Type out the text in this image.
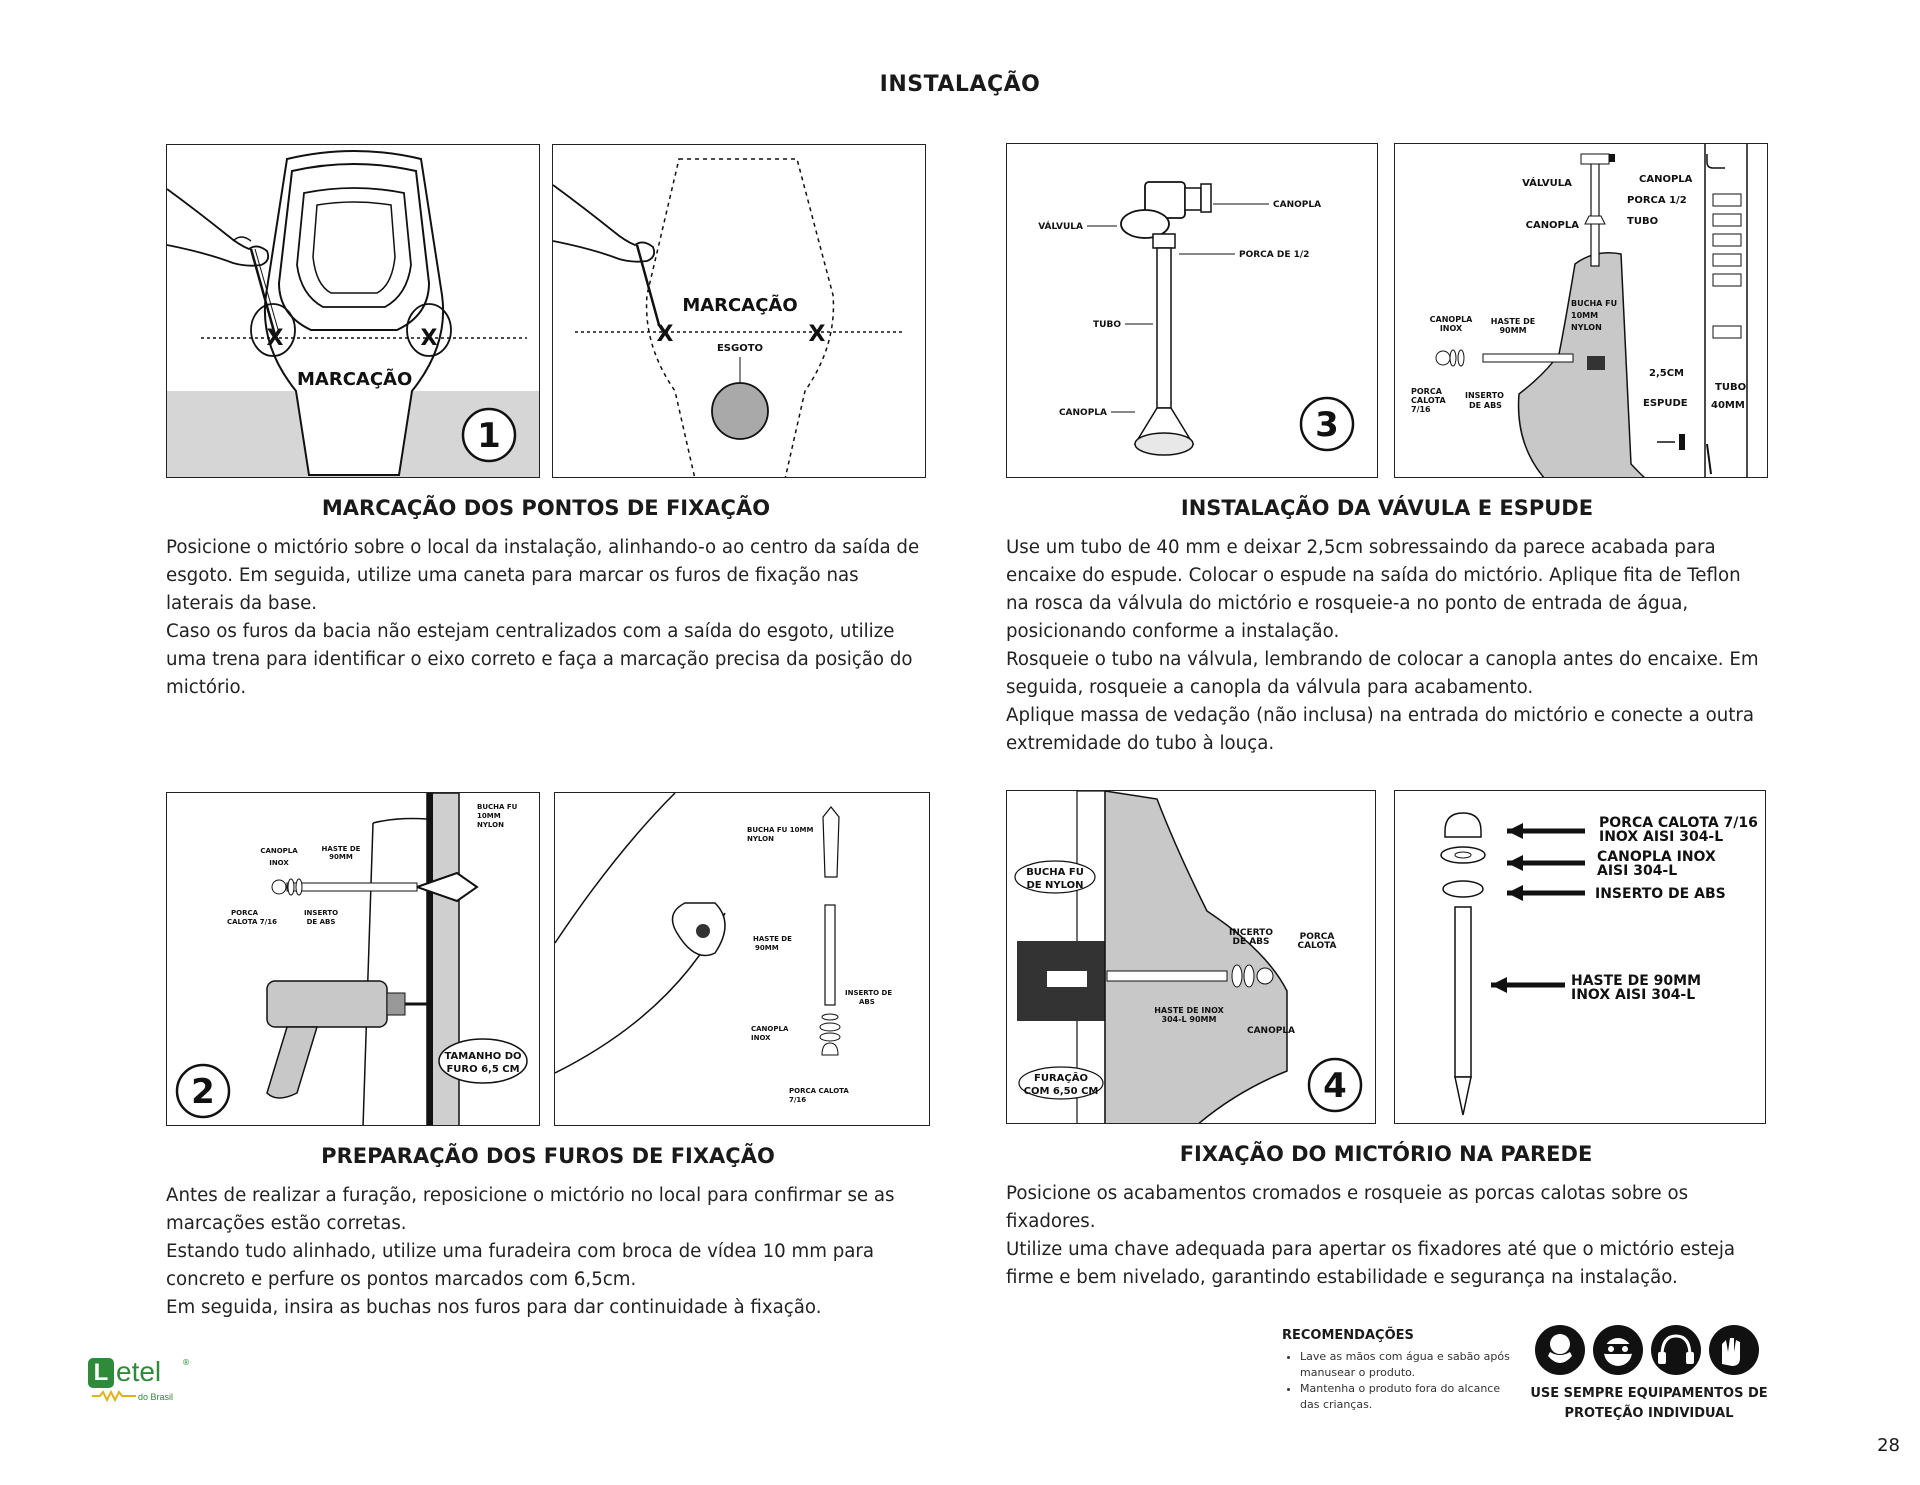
INSTALAÇÃO
X	X
MARCAÇÃO
1
X	X
MARCAÇÃO
ESGOTO
CANOPLA
VÁLVULA
PORCA DE 1/2
TUBO
CANOPLA	3
VÁLVULA	CANOPLA
PORCA 1/2
TUBO
CANOPLA
CANOPLA
INOX
HASTE DE
90MM
BUCHA FU
10MM
NYLON
PORCA
CALOTA
7/16
INSERTO
DE ABS
2,5CM
ESPUDE
TUBO
40MM
MARCAÇÃO DOS PONTOS DE FIXAÇÃO

Posicione o mictório sobre o local da instalação, alinhando-o ao centro da saída de esgoto. Em seguida, utilize uma caneta para marcar os furos de fixação nas laterais da base.

Caso os furos da bacia não estejam centralizados com a saída do esgoto, utilize uma trena para identificar o eixo correto e faça a marcação precisa da posição do mictório.

INSTALAÇÃO DA VÁVULA E ESPUDE

Use um tubo de 40 mm e deixar 2,5cm sobressaindo da parece acabada para encaixe do espude. Colocar o espude na saída do mictório. Aplique fita de Teflon na rosca da válvula do mictório e rosqueie-a no ponto de entrada de água, posicionando conforme a instalação.

Rosqueie o tubo na válvula, lembrando de colocar a canopla antes do encaixe. Em seguida, rosqueie a canopla da válvula para acabamento.

Aplique massa de vedação (não inclusa) na entrada do mictório e conecte a outra extremidade do tubo à louça.

BUCHA FU
10MM
NYLON
CANOPLA
INOX
HASTE DE
90MM
PORCA
CALOTA 7/16
INSERTO
DE ABS
TAMANHO DO
FURO 6,5 CM
2
BUCHA FU 10MM
NYLON
HASTE DE
90MM
INSERTO DE
ABS
CANOPLA
INOX
PORCA CALOTA
7/16
BUCHA FU
DE NYLON
INCERTO
DE ABS	PORCA
CALOTA
HASTE DE INOX
304-L 90MM
CANOPLA
FURAÇÃO
COM 6,50 CM	4
PORCA CALOTA 7/16
INOX AISI 304-L
CANOPLA INOX
AISI 304-L
INSERTO DE ABS
HASTE DE 90MM
INOX AISI 304-L
PREPARAÇÃO DOS FUROS DE FIXAÇÃO

Antes de realizar a furação, reposicione o mictório no local para confirmar se as marcações estão corretas.

Estando tudo alinhado, utilize uma furadeira com broca de vídea 10 mm para concreto e perfure os pontos marcados com 6,5cm.

Em seguida, insira as buchas nos furos para dar continuidade à fixação.

FIXAÇÃO DO MICTÓRIO NA PAREDE

Posicione os acabamentos cromados e rosqueie as porcas calotas sobre os fixadores.

Utilize uma chave adequada para apertar os fixadores até que o mictório esteja firme e bem nivelado, garantindo estabilidade e segurança na instalação.

RECOMENDAÇÕES
• Lave as mãos com água e sabão após manusear o produto.
• Mantenha o produto fora do alcance das crianças.
USE SEMPRE EQUIPAMENTOS DE
PROTEÇÃO INDIVIDUAL
L etel	®
do Brasil
28
